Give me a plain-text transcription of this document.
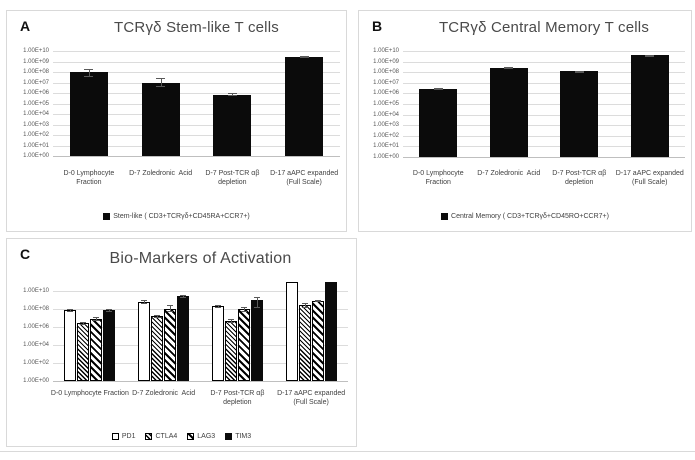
A	TCRγδ Stem-like T cells
Stem-like ( CD3+TCRγδ+CD45RA+CCR7+)
1.00E+10
1.00E+09
1.00E+08
1.00E+07
1.00E+06
1.00E+05
1.00E+04
1.00E+03
1.00E+02
1.00E+01
1.00E+00
D-0 Lymphocyte Fraction
D-7 Zoledronic  Acid	D-7 Post-TCR αβ depletion
D-17 aAPC expanded (Full Scale)
B	TCRγδ Central Memory T cells
Central Memory ( CD3+TCRγδ+CD45RO+CCR7+)
1.00E+10
1.00E+09
1.00E+08
1.00E+07
1.00E+06
1.00E+05
1.00E+04
1.00E+03
1.00E+02
1.00E+01
1.00E+00
D-0 Lymphocyte Fraction
D-7 Zoledronic  Acid	D-7 Post-TCR αβ depletion
D-17 aAPC expanded (Full Scale)
C	Bio-Markers of Activation
PD1	CTLA4	LAG3	TIM3
1.00E+10
1.00E+08
1.00E+06
1.00E+04
1.00E+02
1.00E+00
D-0 Lymphocyte Fraction D-7 Zoledronic  Acid	D-7 Post-TCR αβ depletion
D-17 aAPC expanded (Full Scale)
